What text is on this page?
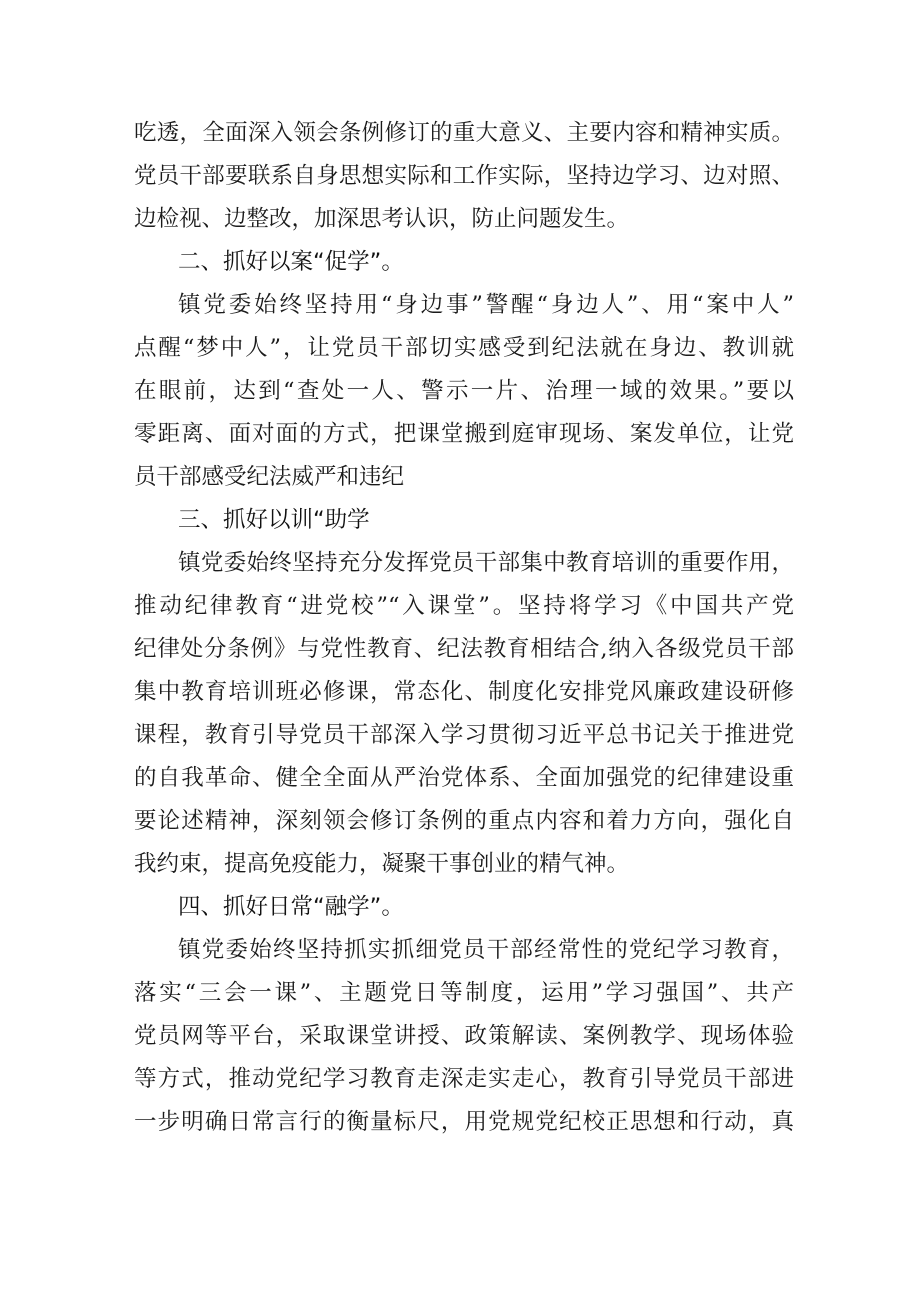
吃透，全面深入领会条例修订的重大意义、主要内容和精神实质。
党员干部要联系自身思想实际和工作实际，坚持边学习、边对照、
边检视、边整改，加深思考认识，防止问题发生。
二、抓好以案“促学”。
镇党委始终坚持用“身边事”警醒“身边人”、用“案中人”
点醒“梦中人”，让党员干部切实感受到纪法就在身边、教训就
在眼前，达到“查处一人、警示一片、治理一域的效果。”要以
零距离、面对面的方式，把课堂搬到庭审现场、案发单位，让党
员干部感受纪法威严和违纪
三、抓好以训“助学
镇党委始终坚持充分发挥党员干部集中教育培训的重要作用，
推动纪律教育“进党校”“入课堂”。坚持将学习《中国共产党
纪律处分条例》与党性教育、纪法教育相结合,纳入各级党员干部
集中教育培训班必修课，常态化、制度化安排党风廉政建设研修
课程，教育引导党员干部深入学习贯彻习近平总书记关于推进党
的自我革命、健全全面从严治党体系、全面加强党的纪律建设重
要论述精神，深刻领会修订条例的重点内容和着力方向，强化自
我约束，提高免疫能力，凝聚干事创业的精气神。
四、抓好日常“融学”。
镇党委始终坚持抓实抓细党员干部经常性的党纪学习教育，
落实“三会一课”、主题党日等制度，运用”学习强国”、共产
党员网等平台，采取课堂讲授、政策解读、案例教学、现场体验
等方式，推动党纪学习教育走深走实走心，教育引导党员干部进
一步明确日常言行的衡量标尺，用党规党纪校正思想和行动，真
